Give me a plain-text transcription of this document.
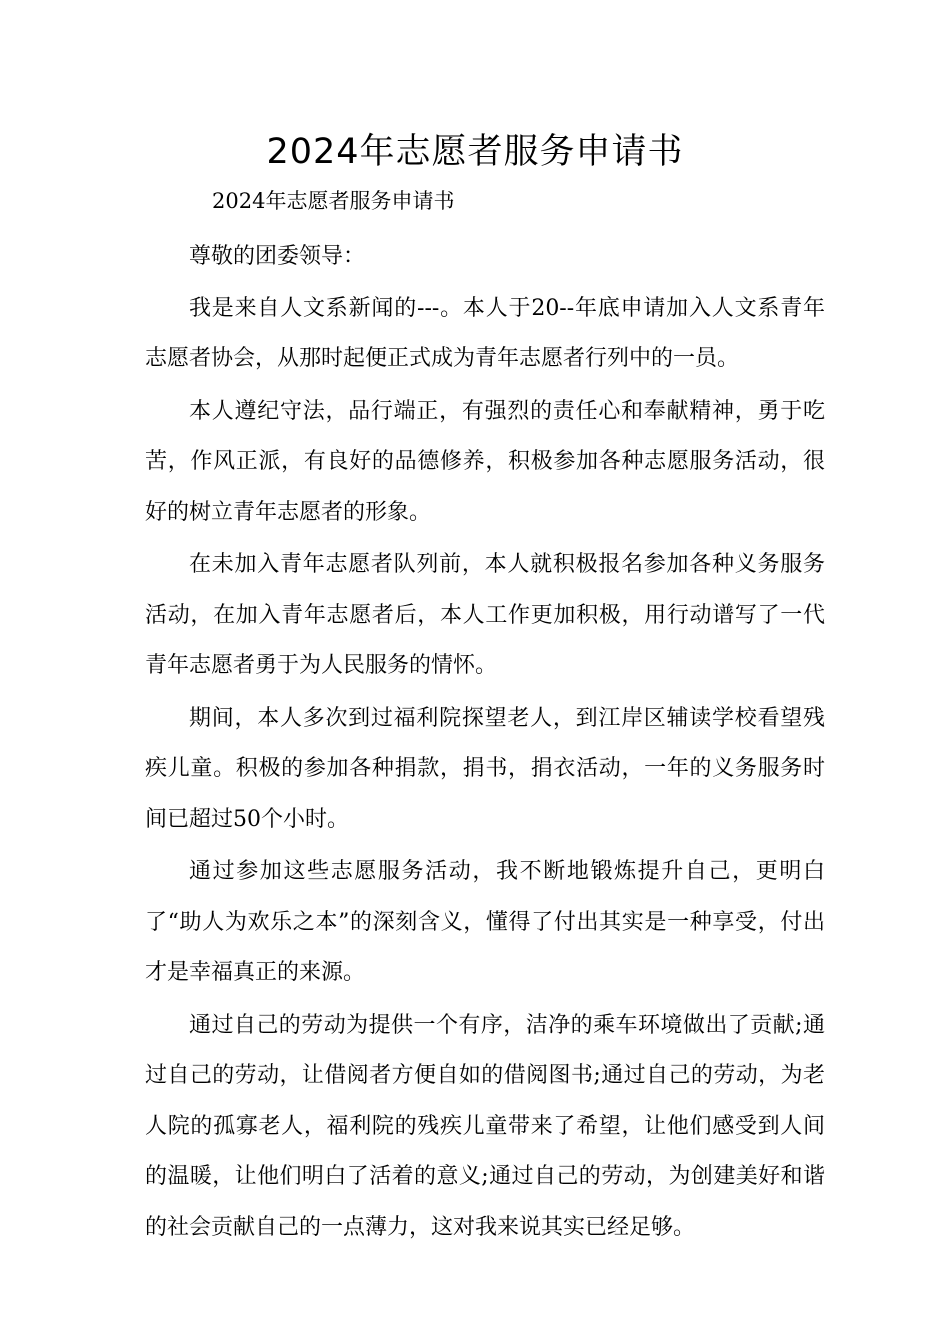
2024年志愿者服务申请书

2024年志愿者服务申请书

尊敬的团委领导：

我是来自人文系新闻的---。本人于20--年底申请加入人文系青年志愿者协会，从那时起便正式成为青年志愿者行列中的一员。

本人遵纪守法，品行端正，有强烈的责任心和奉献精神，勇于吃苦，作风正派，有良好的品德修养，积极参加各种志愿服务活动，很好的树立青年志愿者的形象。

在未加入青年志愿者队列前，本人就积极报名参加各种义务服务活动，在加入青年志愿者后，本人工作更加积极，用行动谱写了一代青年志愿者勇于为人民服务的情怀。

期间，本人多次到过福利院探望老人，到江岸区辅读学校看望残疾儿童。积极的参加各种捐款，捐书，捐衣活动，一年的义务服务时间已超过50个小时。

通过参加这些志愿服务活动，我不断地锻炼提升自己，更明白了“助人为欢乐之本”的深刻含义，懂得了付出其实是一种享受，付出才是幸福真正的来源。

通过自己的劳动为提供一个有序，洁净的乘车环境做出了贡献;通过自己的劳动，让借阅者方便自如的借阅图书;通过自己的劳动，为老人院的孤寡老人，福利院的残疾儿童带来了希望，让他们感受到人间的温暖，让他们明白了活着的意义;通过自己的劳动，为创建美好和谐的社会贡献自己的一点薄力，这对我来说其实已经足够。
